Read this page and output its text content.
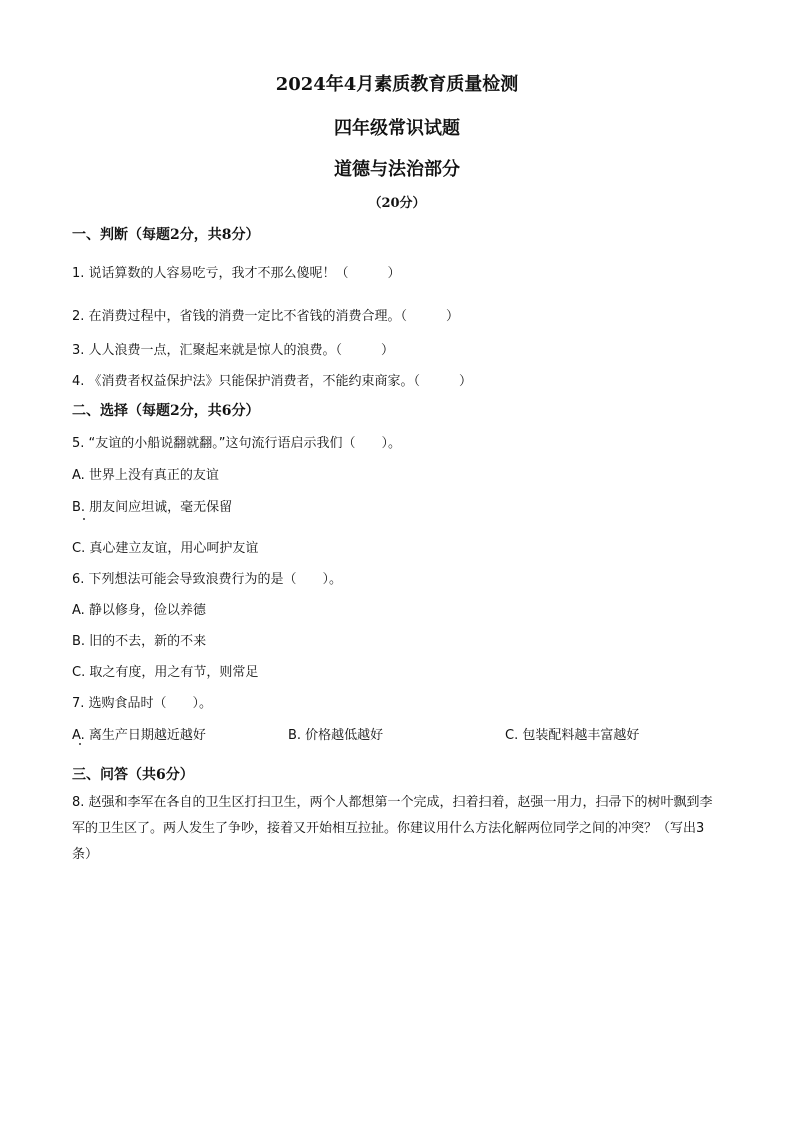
2024年4月素质教育质量检测
四年级常识试题
道德与法治部分
（20分）
一、判断（每题2分，共8分）
1. 说话算数的人容易吃亏，我才不那么傻呢！（　　　）
2. 在消费过程中，省钱的消费一定比不省钱的消费合理。（　　　）
3. 人人浪费一点，汇聚起来就是惊人的浪费。（　　　）
4. 《消费者权益保护法》只能保护消费者，不能约束商家。（　　　）
二、选择（每题2分，共6分）
5. “友谊的小船说翻就翻。”这句流行语启示我们（　　）。
A. 世界上没有真正的友谊
B. 朋友间应坦诚，毫无保留
C. 真心建立友谊，用心呵护友谊
6. 下列想法可能会导致浪费行为的是（　　）。
A. 静以修身，俭以养德
B. 旧的不去，新的不来
C. 取之有度，用之有节，则常足
7. 选购食品时（　　）。
A. 离生产日期越近越好	B. 价格越低越好	C. 包装配料越丰富越好
三、问答（共6分）
8. 赵强和李军在各自的卫生区打扫卫生，两个人都想第一个完成，扫着扫着，赵强一用力，扫帚下的树叶飘到李军的卫生区了。两人发生了争吵，接着又开始相互拉扯。你建议用什么方法化解两位同学之间的冲突？（写出3条）
